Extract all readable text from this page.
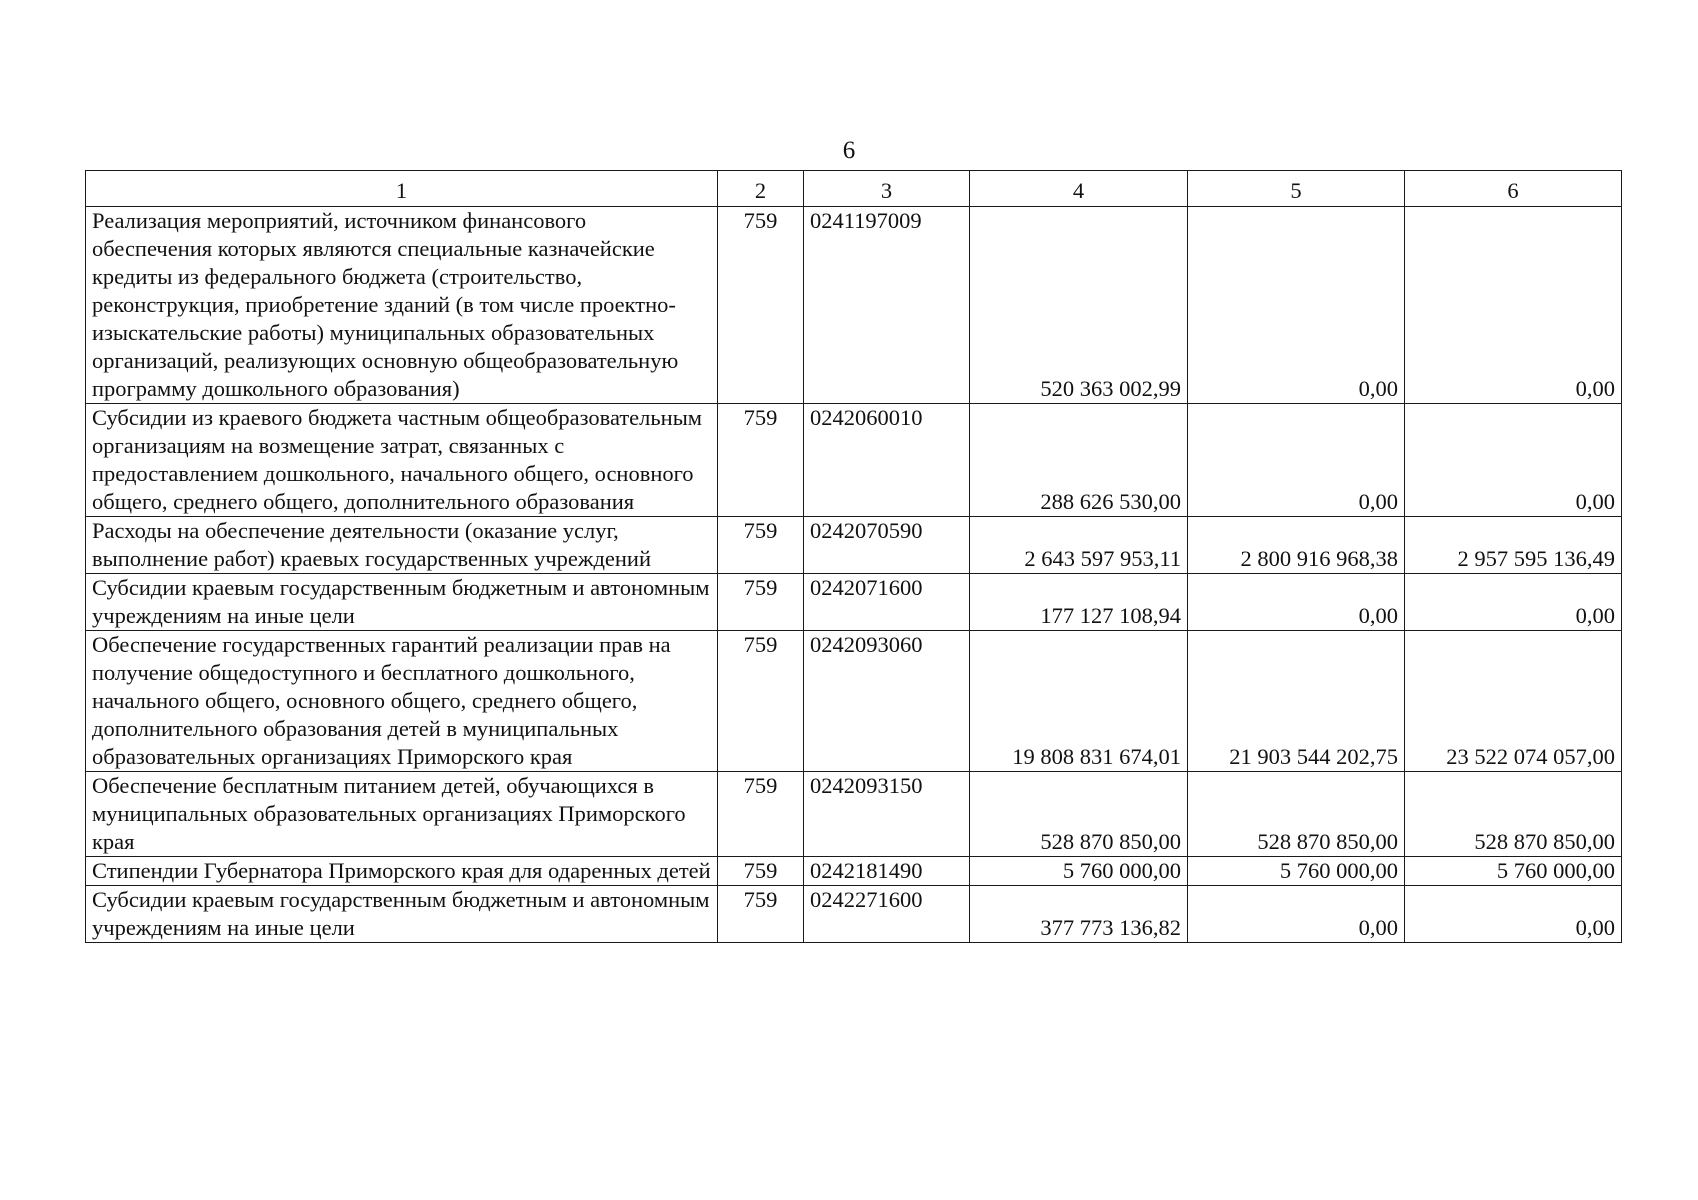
6
1	2	3	4	5	6
Реализация мероприятий, источником финансового обеспечения которых являются специальные казначейские кредиты из федерального бюджета (строительство, реконструкция, приобретение зданий (в том числе проектно-изыскательские работы) муниципальных образовательных организаций, реализующих основную общеобразовательную программу дошкольного образования)	759	0241197009	520 363 002,99	0,00	0,00
Субсидии из краевого бюджета частным общеобразовательным организациям на возмещение затрат, связанных с предоставлением дошкольного, начального общего, основного общего, среднего общего, дополнительного образования	759	0242060010	288 626 530,00	0,00	0,00
Расходы на обеспечение деятельности (оказание услуг, выполнение работ) краевых государственных учреждений	759	0242070590	2 643 597 953,11	2 800 916 968,38	2 957 595 136,49
Субсидии краевым государственным бюджетным и автономным учреждениям на иные цели	759	0242071600	177 127 108,94	0,00	0,00
Обеспечение государственных гарантий реализации прав на получение общедоступного и бесплатного дошкольного, начального общего, основного общего, среднего общего, дополнительного образования детей в муниципальных образовательных организациях Приморского края	759	0242093060	19 808 831 674,01	21 903 544 202,75	23 522 074 057,00
Обеспечение бесплатным питанием детей, обучающихся в муниципальных образовательных организациях Приморского края	759	0242093150	528 870 850,00	528 870 850,00	528 870 850,00
Стипендии Губернатора Приморского края для одаренных детей	759	0242181490	5 760 000,00	5 760 000,00	5 760 000,00
Субсидии краевым государственным бюджетным и автономным учреждениям на иные цели	759	0242271600	377 773 136,82	0,00	0,00
